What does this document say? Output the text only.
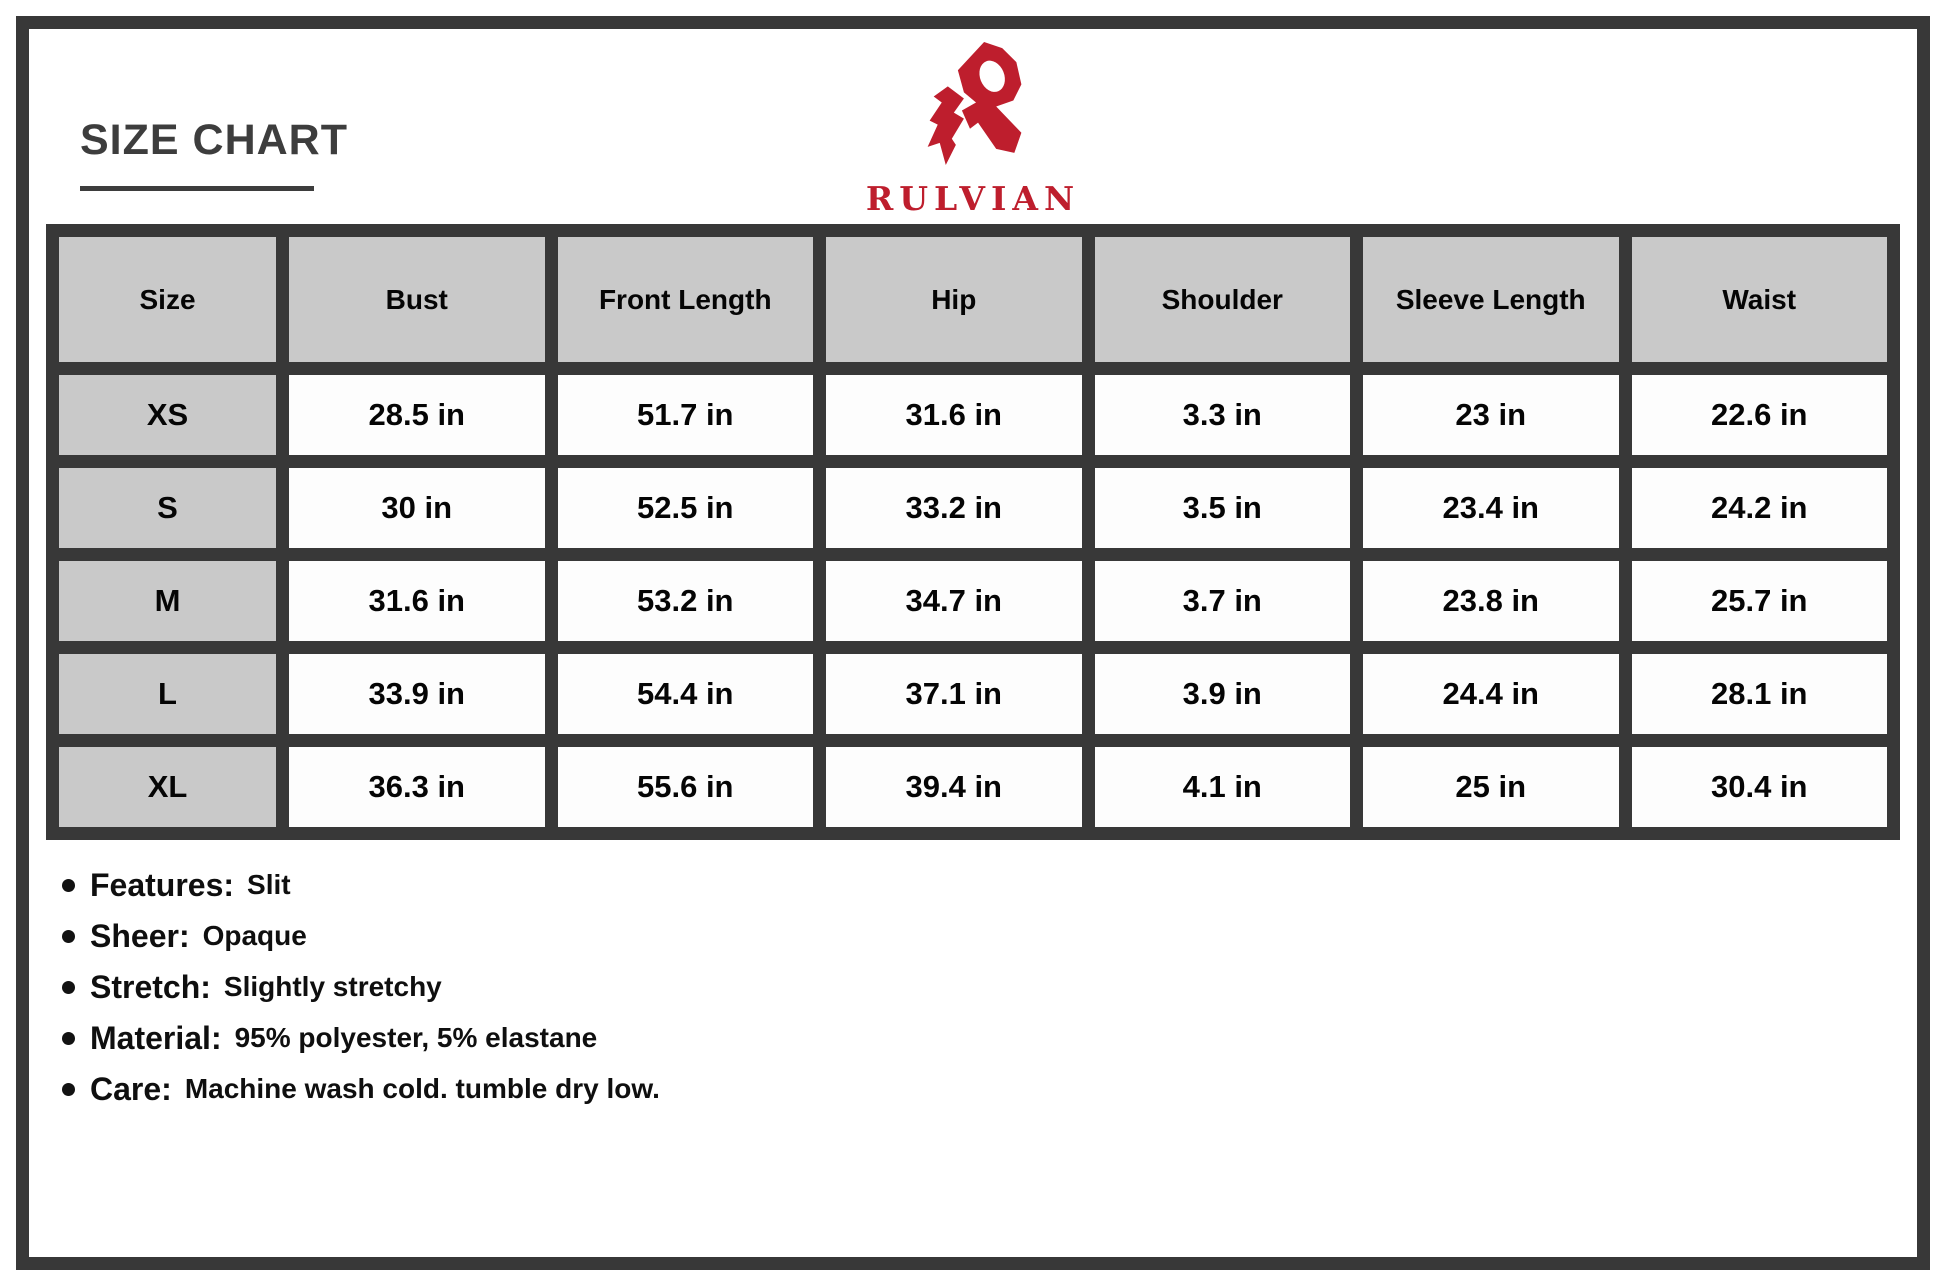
SIZE CHART
RULVIAN
Size	Bust	Front Length	Hip	Shoulder	Sleeve Length	Waist
XS	28.5 in	51.7 in	31.6 in	3.3 in	23 in	22.6 in
S	30 in	52.5 in	33.2 in	3.5 in	23.4 in	24.2 in
M	31.6 in	53.2 in	34.7 in	3.7 in	23.8 in	25.7 in
L	33.9 in	54.4 in	37.1 in	3.9 in	24.4 in	28.1 in
XL	36.3 in	55.6 in	39.4 in	4.1 in	25 in	30.4 in
Features: Slit
Sheer: Opaque
Stretch: Slightly stretchy
Material: 95% polyester, 5% elastane
Care: Machine wash cold. tumble dry low.
